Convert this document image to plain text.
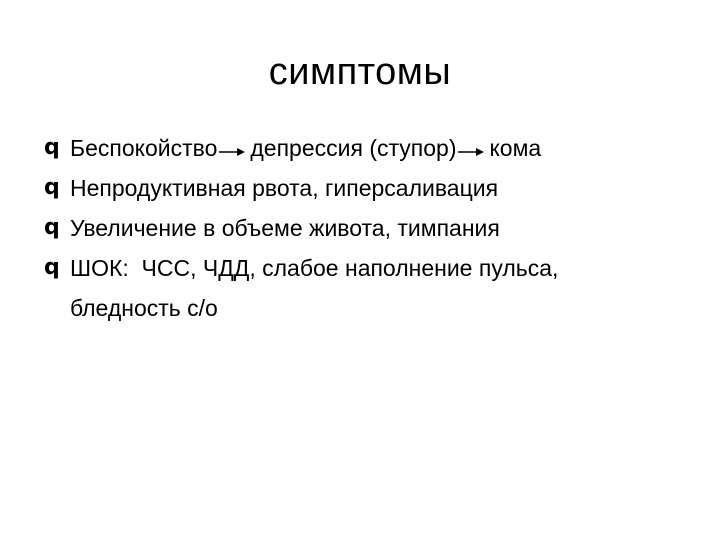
симптомы
q Беспокойство депрессия (ступор) кома
q Непродуктивная рвота, гиперсаливация
q Увеличение в объеме живота, тимпания
q ШОК:  ЧСС, ЧДД, слабое наполнение пульса,
бледность с/о
